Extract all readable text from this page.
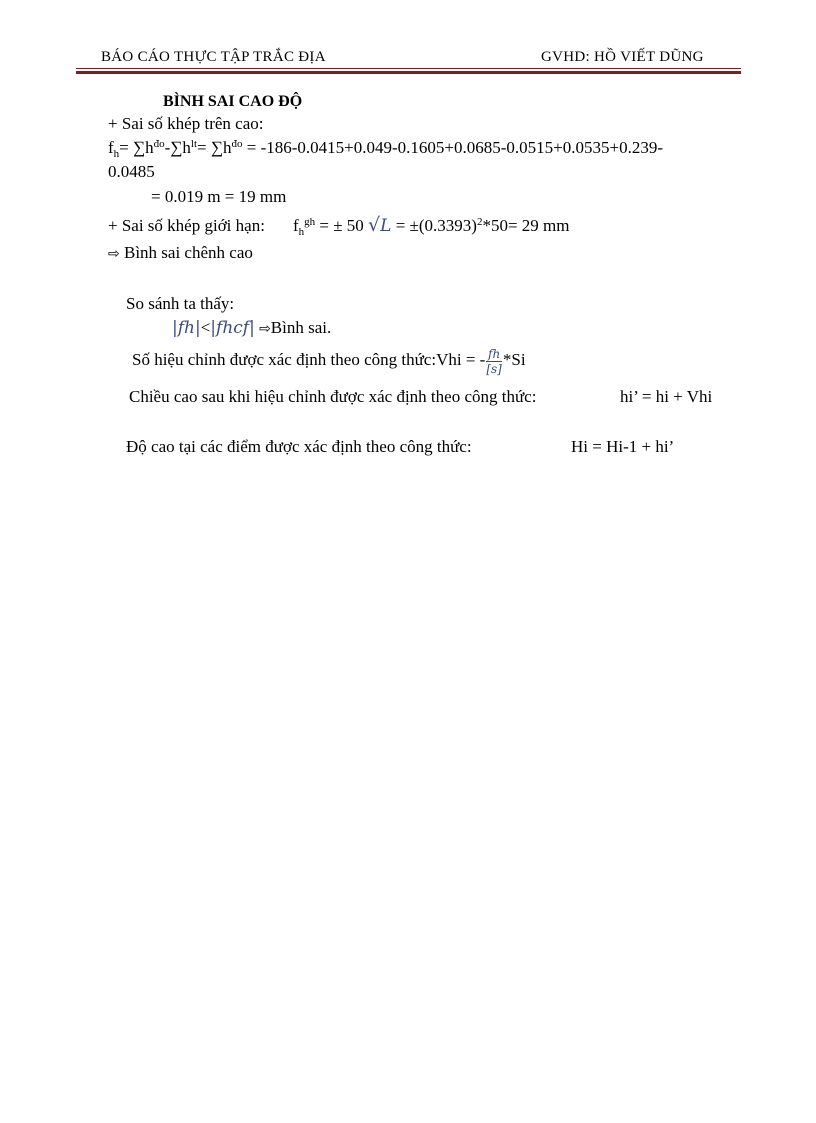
BÁO CÁO THỰC TẬP TRẮC ĐỊA	GVHD: HỒ VIẾT DŨNG
BÌNH SAI CAO ĐỘ
+ Sai số khép trên cao:
$f_h= \sum h^{đo}-\sum h^{lt}= \sum h^{đo} = -186-0.0415+0.049-0.1605+0.0685-0.0515+0.0535+0.239-$
0.0485
= 0.019 m = 19 mm
+ Sai số khép giới hạn: $f_h^{gh}$ = ± 50 $√L = \pm(0.3393)^2*50= 29$ mm
⇨ Bình sai chênh cao
So sánh ta thấy:
|fh|<|fhcf| ⇨Bình sai.
Số hiệu chỉnh được xác định theo công thức:Vhi = - $\frac{fh}{[s]} *Si$
Chiều cao sau khi hiệu chỉnh được xác định theo công thức:	hi’ = hi + Vhi
Độ cao tại các điểm được xác định theo công thức:	Hi = Hi-1 + hi’
